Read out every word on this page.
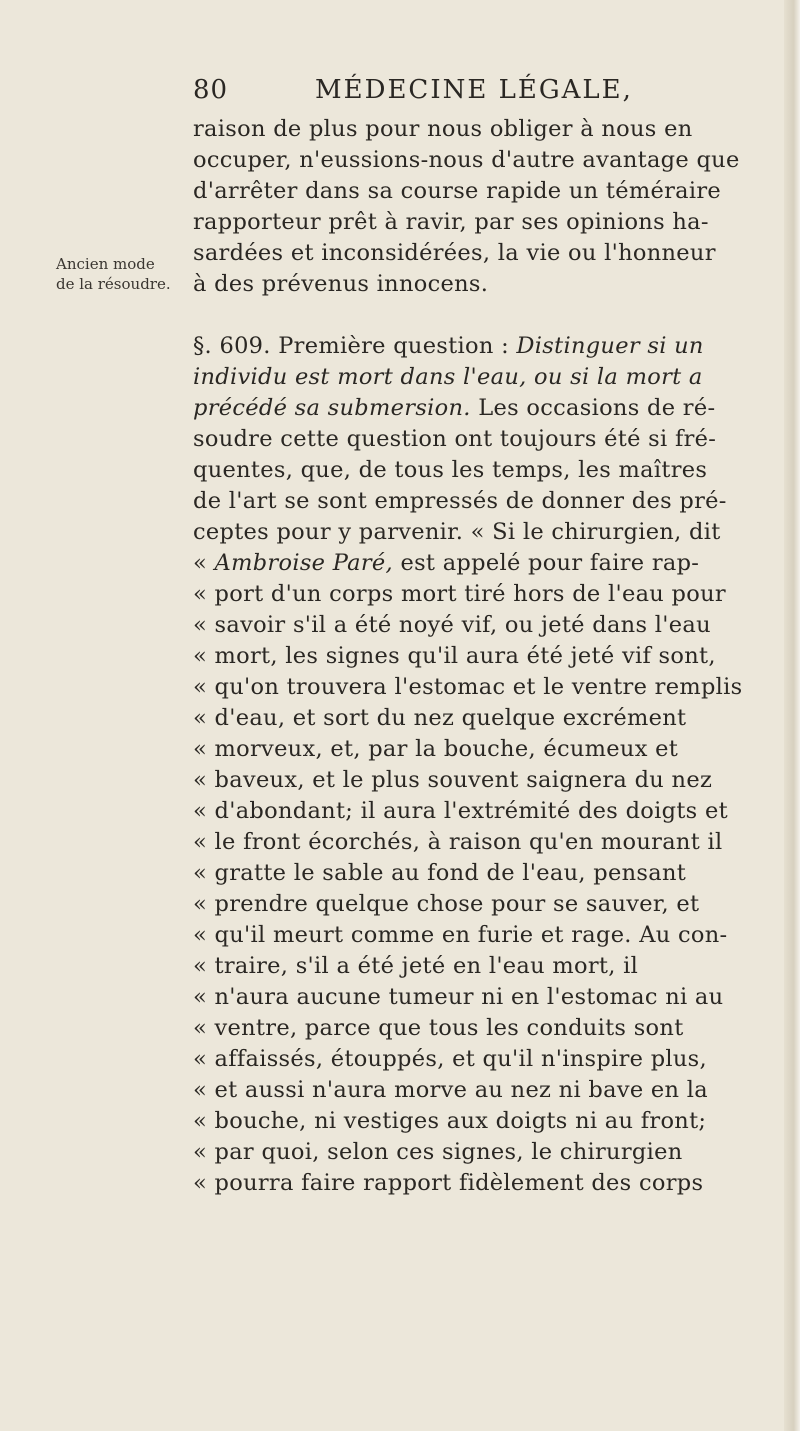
80	MÉDECINE LÉGALE,
Ancien mode
de la résoudre.
raison de plus pour nous obliger à nous en
occuper, n'eussions-nous d'autre avantage que
d'arrêter dans sa course rapide un téméraire
rapporteur prêt à ravir, par ses opinions ha-
sardées et inconsidérées, la vie ou l'honneur
à des prévenus innocens.
§. 609. Première question : Distinguer si un
individu est mort dans l'eau, ou si la mort a
précédé sa submersion. Les occasions de ré-
soudre cette question ont toujours été si fré-
quentes, que, de tous les temps, les maîtres
de l'art se sont empressés de donner des pré-
ceptes pour y parvenir. « Si le chirurgien, dit
« Ambroise Paré, est appelé pour faire rap-
« port d'un corps mort tiré hors de l'eau pour
« savoir s'il a été noyé vif, ou jeté dans l'eau
« mort, les signes qu'il aura été jeté vif sont,
« qu'on trouvera l'estomac et le ventre remplis
« d'eau, et sort du nez quelque excrément
« morveux, et, par la bouche, écumeux et
« baveux, et le plus souvent saignera du nez
« d'abondant; il aura l'extrémité des doigts et
« le front écorchés, à raison qu'en mourant il
« gratte le sable au fond de l'eau, pensant
« prendre quelque chose pour se sauver, et
« qu'il meurt comme en furie et rage. Au con-
« traire, s'il a été jeté en l'eau mort, il
« n'aura aucune tumeur ni en l'estomac ni au
« ventre, parce que tous les conduits sont
« affaissés, étouppés, et qu'il n'inspire plus,
« et aussi n'aura morve au nez ni bave en la
« bouche, ni vestiges aux doigts ni au front;
« par quoi, selon ces signes, le chirurgien
« pourra faire rapport fidèlement des corps
